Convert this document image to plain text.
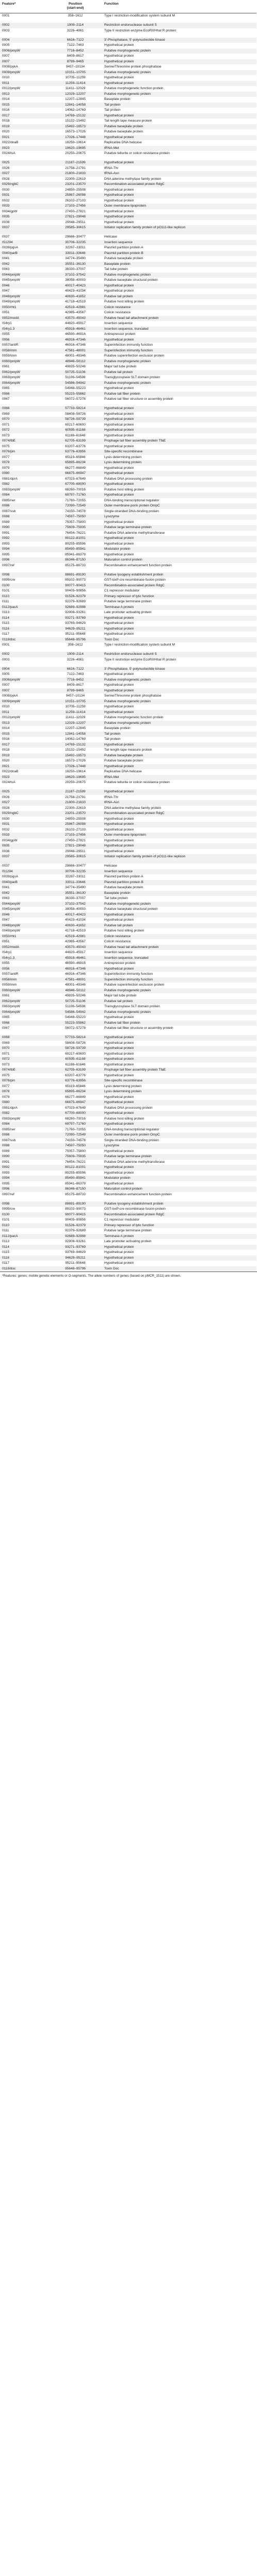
Feature*	Position
(start-end)	Function
0001	358–1612	Type I restriction-modification system subunit M
0002	1909–2114	Restriction endonuclease subunit S
0003	3226–4061	Type II restriction enzyme EcoRII/HhaI R protein
0004	6616–7122	3'-Phosphatase, 5'-polynucleotide kinase
0005	7122–7463	Hypothetical protein
0006/pmpW	7716–8452	Putative morphogenetic protein
0007	8409–8617	Hypothetical protein
0007	8799–9465	Hypothetical protein
0008/pykA	9457–10134	Serine/Threonine protein phosphatase
0009/pmpW	10151–10705	Putative morphogenetic protein
0010	10705–11259	Hypothetical protein
0011	11259–11414	Hypothetical protein
0012/pmpW	11411–12029	Putative morphogenetic function protein
0013	12029–12207	Putative morphogenetic protein
0014	12207–12845	Baseplate protein
0015	12841–14058	Tail protein
0016	14062–14769	Tail protein
0017	14769–15132	Hypothetical protein
0018	15132–15492	Tail length tape measure protein
0019	15492–16573	Putative baseplate protein
0020	16573–17026	Putative baseplate protein
0021	17026–17448	Hypothetical protein
0022/dnaB	18250–19614	Replicative DNA helicase
0023	19620–19695	tRNA-Met
0024/tsA	20250–20675	Putative tellurite or colicin resistance protein
0025	21187–21599	Hypothetical protein
0026	21758–21791	tRNA-Thr
0027	21800–21833	tRNA-Asn
0028	22300–22619	DNA adenine methylase family protein
0029/ngbC	23201–23570	Recombination-associated protein RdgC
0030	24850–25508	Hypothetical protein
0031	25867–26098	Hypothetical protein
0032	26102–27103	Hypothetical protein
0033	27103–27456	Outer membrane lipoprotein
0034/gpW	27450–27821	Hypothetical protein
0035	27821–29048	Hypothetical protein
0036	29048–29511	Hypothetical protein
0037	29585–30615	Initiator replication family protein of pO111-like replicon
0037	29666–30477	Helicase
IS1294	30706–32235	Insertion sequence
0039/pgsA	32267–33011	Plasmid partition protein A
0040/parB	33011–33646	Plasmid partition protein B
0041	34774–35490	Putative baseplate protein
0042	35551–36130	Baseplate protein
0043	36330–37007	Tail tube protein
0044/pmpW	37102–37542	Putative morphogenetic protein
0045/pmpW	38058–40003	Putative baseplate structural protein
0046	40017–40423	Hypothetical protein
0047	40423–41034	Hypothetical protein
0048/pmpW	40630–41652	Putative tail protein
0049/pmpW	41718–42519	Putative host killing protein
0050/rht1	42519–42981	Colicin resistance
0051	42985–43567	Colicin resistance
0052/modA	43570–45043	Putative head tail attachment protein
IS4ry1	44820–45917	Insertion sequence
IS4ry1.3	45918–46461	Insertion sequence, truncated
0055	46590–46916	Antirepressor protein
0056	46916–47346	Hypothetical protein
0057/antiR	46916–47346	Superinfection immunity function
0058/imm	47581–48001	Superinfection immunity function
0059/imm	48001–49346	Putative superinfection exclusion protein
0060/pmpW	48946–50112	Putative morphogenetic protein
0061	49835–50246	Major tail tube protein
0062/pmpW	50725–51106	Putative tail protein
0063/pmpW	51106–54598	Transglycosylase SLT domain protein
0064/pmpW	54586–54942	Putative morphogenetic protein
0065	54948–55223	Hypothetical protein
0066	55223–55862	Putative tail fiber protein
0067	56072–57278	Putative tail fiber structure or assembly protein
0068	57733–58214	Hypothetical protein
0069	58408–58726	Hypothetical protein
0070	58726–59739	Hypothetical protein
0071	60217–60600	Hypothetical protein
0072	60595–61168	Hypothetical protein
0073	61188–61646	Hypothetical protein
0074/tbE	62705–63199	Prophage tail fiber assembly protein TfaE
0075	63207–63776	Hypothetical protein
0076/pin	63776–63956	Site-specific recombinase
0077	65119–65846	Lysis determining protein
0078	65895–66234	Lysis determining protein
0079	66277–66849	Hypothetical protein
0080	66875–66947	Hypothetical protein
0081/dprA	67023–67649	Putative DNA processing protein
0082	67700–68000	Hypothetical protein
0083/pmpW	68260–70016	Putative host killing protein
0084	69797–71760	Hypothetical protein
0085/ner	71760–72055	DNA-binding transcriptional regulator
0086	72090–72549	Outer membrane porin protein OmpC
0087/ssb	74150–74578	Single-stranded DNA-binding protein
0088	74597–75050	Lysozyme
0089	75057–75800	Hypothetical protein
0090	75609–75935	Putative large terminase protein
0091	76454–76221	Putative DNA adenine methyltransferase
0092	80122–81001	Hypothetical protein
0093	80255–85596	Hypothetical protein
0094	85490–85941	Modulator protein
0095	85941–86379	Hypothetical protein
0096	86346–87150	Maturation control protein
0097/ref	85175–88733	Recombination enhancement function protein
0098	88691–89190	Putative lysogeny establishment protein
0099/cre	89102–90073	GST-loxP-cre recombinase fusion protein
0100	90077–90415	Recombination-associated protein RdgC
0101	90405–90856	C1 repressor modulator
0110	91526–92379	Primary repressor of lytic function
0111	92379–92689	Putative large terminase protein
0112/pacA	92689–92998	Terminase A protein
0113	92908–93261	Late promoter activating protein
0114	93271–93769	Hypothetical protein
0115	93769–94629	Hypothetical protein
0116	94629–95211	Hypothetical protein
0117	95211–95648	Hypothetical protein
0118/doc	95648–95796	Toxin Doc
0001	358–1612	Type I restriction-modification system subunit M
0002	1909–2114	Restriction endonuclease subunit S
0003	3226–4061	Type II restriction enzyme EcoRII/HhaI R protein
0004	6616–7122	3'-Phosphatase, 5'-polynucleotide kinase
0005	7122–7463	Hypothetical protein
0006/pmpW	7716–8452	Putative morphogenetic protein
0007	8409–8617	Hypothetical protein
0007	8799–9465	Hypothetical protein
0008/pykA	9457–10134	Serine/Threonine protein phosphatase
0009/pmpW	10151–10705	Putative morphogenetic protein
0010	10705–11259	Hypothetical protein
0011	11259–11414	Hypothetical protein
0012/pmpW	11411–12029	Putative morphogenetic function protein
0013	12029–12207	Putative morphogenetic protein
0014	12207–12845	Baseplate protein
0015	12841–14058	Tail protein
0016	14062–14769	Tail protein
0017	14769–15132	Hypothetical protein
0018	15132–15492	Tail length tape measure protein
0019	15492–16573	Putative baseplate protein
0020	16573–17026	Putative baseplate protein
0021	17026–17448	Hypothetical protein
0022/dnaB	18250–19614	Replicative DNA helicase
0023	19620–19695	tRNA-Met
0024/tsA	20250–20675	Putative tellurite or colicin resistance protein
0025	21187–21599	Hypothetical protein
0026	21758–21791	tRNA-Thr
0027	21800–21833	tRNA-Asn
0028	22300–22619	DNA adenine methylase family protein
0029/ngbC	23201–23570	Recombination-associated protein RdgC
0030	24850–25508	Hypothetical protein
0031	25867–26098	Hypothetical protein
0032	26102–27103	Hypothetical protein
0033	27103–27456	Outer membrane lipoprotein
0034/gpW	27450–27821	Hypothetical protein
0035	27821–29048	Hypothetical protein
0036	29048–29511	Hypothetical protein
0037	29585–30615	Initiator replication family protein of pO111-like replicon
0037	29666–30477	Helicase
IS1294	30706–32235	Insertion sequence
0039/pgsA	32267–33011	Plasmid partition protein A
0040/parB	33011–33646	Plasmid partition protein B
0041	34774–35490	Putative baseplate protein
0042	35551–36130	Baseplate protein
0043	36330–37007	Tail tube protein
0044/pmpW	37102–37542	Putative morphogenetic protein
0045/pmpW	38058–40003	Putative baseplate structural protein
0046	40017–40423	Hypothetical protein
0047	40423–41034	Hypothetical protein
0048/pmpW	40630–41652	Putative tail protein
0049/pmpW	41718–42519	Putative host killing protein
0050/rht1	42519–42981	Colicin resistance
0051	42985–43567	Colicin resistance
0052/modA	43570–45043	Putative head tail attachment protein
IS4ry1	44820–45917	Insertion sequence
IS4ry1.3	45918–46461	Insertion sequence, truncated
0055	46590–46916	Antirepressor protein
0056	46916–47346	Hypothetical protein
0057/antiR	46916–47346	Superinfection immunity function
0058/imm	47581–48001	Superinfection immunity function
0059/imm	48001–49346	Putative superinfection exclusion protein
0060/pmpW	48946–50112	Putative morphogenetic protein
0061	49835–50246	Major tail tube protein
0062/pmpW	50725–51106	Putative tail protein
0063/pmpW	51106–54598	Transglycosylase SLT domain protein
0064/pmpW	54586–54942	Putative morphogenetic protein
0065	54948–55223	Hypothetical protein
0066	55223–55862	Putative tail fiber protein
0067	56072–57278	Putative tail fiber structure or assembly protein
0068	57733–58214	Hypothetical protein
0069	58408–58726	Hypothetical protein
0070	58726–59739	Hypothetical protein
0071	60217–60600	Hypothetical protein
0072	60595–61168	Hypothetical protein
0073	61188–61646	Hypothetical protein
0074/tbE	62705–63199	Prophage tail fiber assembly protein TfaE
0075	63207–63776	Hypothetical protein
0076/pin	63776–63956	Site-specific recombinase
0077	65119–65846	Lysis determining protein
0078	65895–66234	Lysis determining protein
0079	66277–66849	Hypothetical protein
0080	66875–66947	Hypothetical protein
0081/dprA	67023–67649	Putative DNA processing protein
0082	67700–68000	Hypothetical protein
0083/pmpW	68260–70016	Putative host killing protein
0084	69797–71760	Hypothetical protein
0085/ner	71760–72055	DNA-binding transcriptional regulator
0086	72090–72549	Outer membrane porin protein OmpC
0087/ssb	74150–74578	Single-stranded DNA-binding protein
0088	74597–75050	Lysozyme
0089	75057–75800	Hypothetical protein
0090	75609–75935	Putative large terminase protein
0091	76454–76221	Putative DNA adenine methyltransferase
0092	80122–81001	Hypothetical protein
0093	80255–85596	Hypothetical protein
0094	85490–85941	Modulator protein
0095	85941–86379	Hypothetical protein
0096	86346–87150	Maturation control protein
0097/ref	85175–88733	Recombination enhancement function protein
0098	88691–89190	Putative lysogeny establishment protein
0099/cre	89102–90073	GST-loxP-cre recombinase fusion protein
0100	90077–90415	Recombination-associated protein RdgC
0101	90405–90856	C1 repressor modulator
0110	91526–92379	Primary repressor of lytic function
0111	92379–92689	Putative large terminase protein
0112/pacA	92689–92998	Terminase A protein
0113	92908–93261	Late promoter activating protein
0114	93271–93769	Hypothetical protein
0115	93769–94629	Hypothetical protein
0116	94629–95211	Hypothetical protein
0117	95211–95648	Hypothetical protein
0118/doc	95648–95796	Toxin Doc
*Features: genes; mobile genetic elements or O-segments. The allele numbers of genes (based on pMCR_1511) are shown.
